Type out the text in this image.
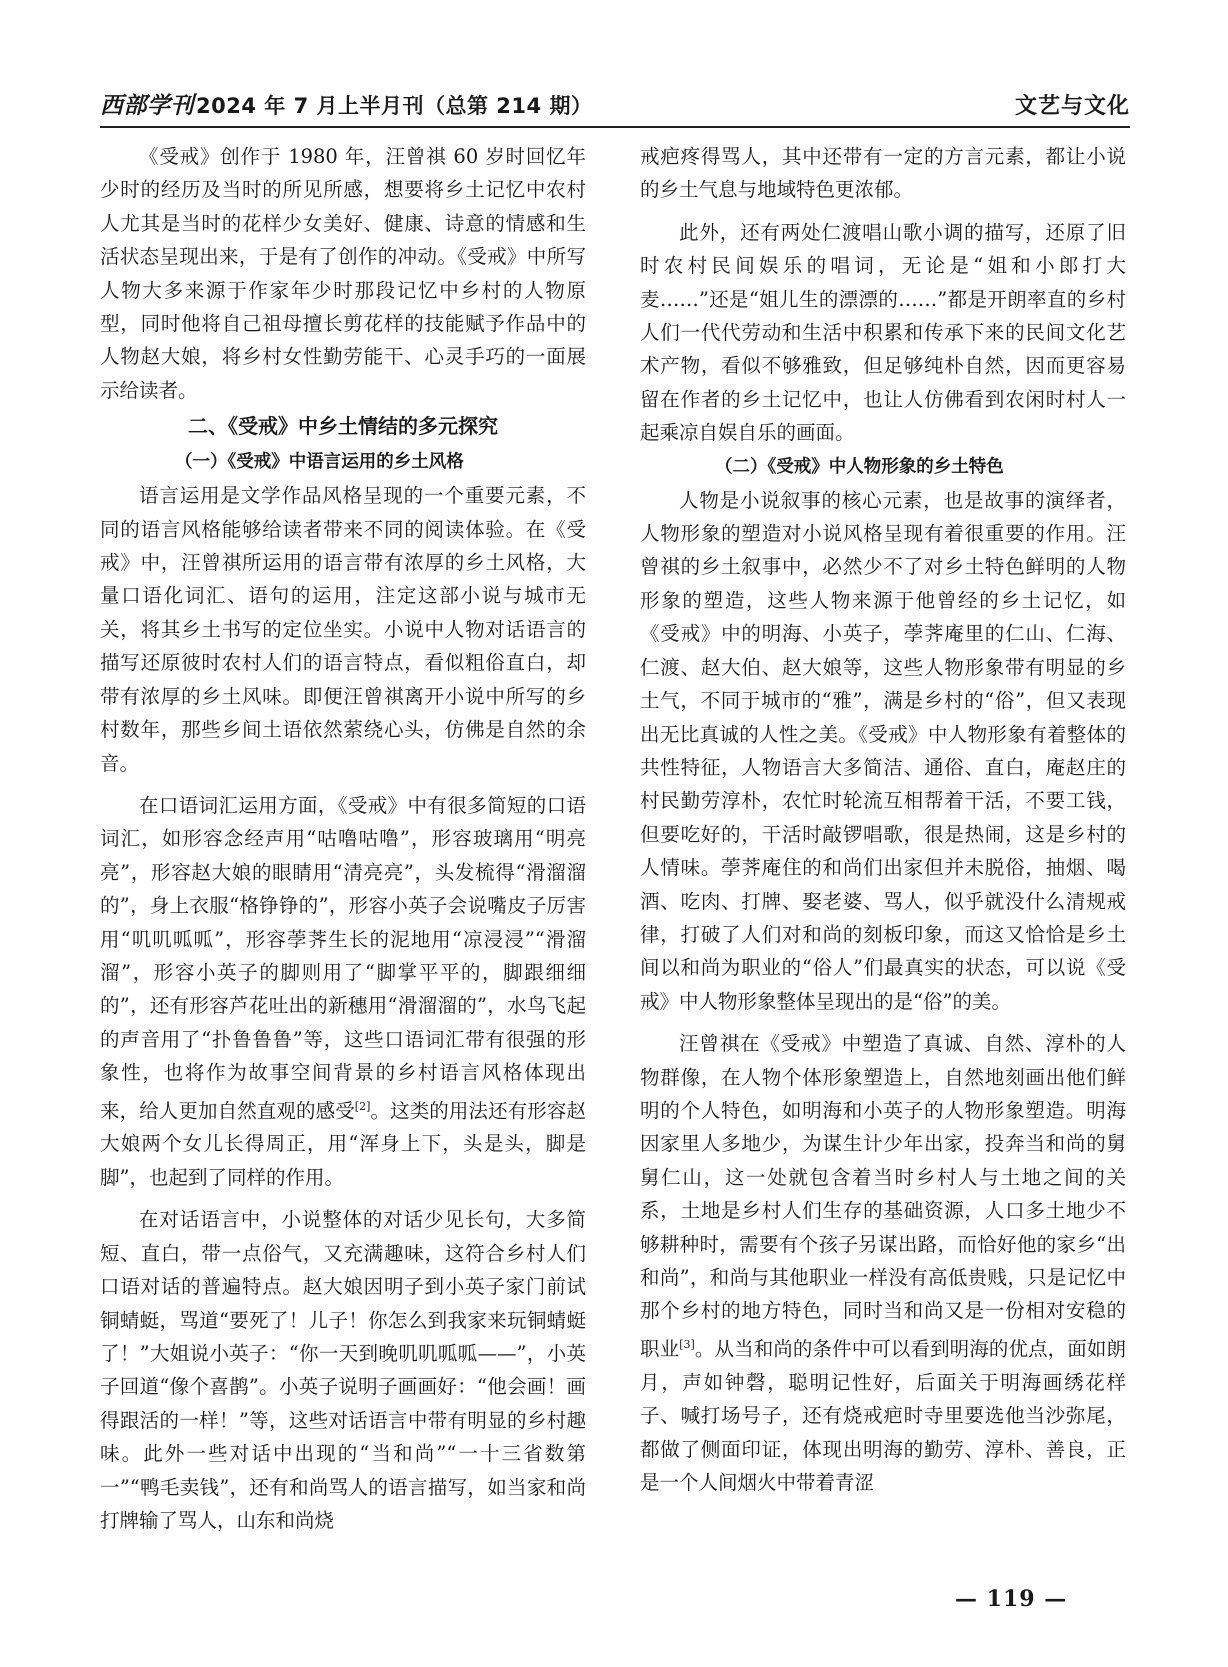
西部学刊 2024 年 7 月上半月刊（总第 214 期）	文艺与文化

《受戒》创作于 1980 年，汪曾祺 60 岁时回忆年少时的经历及当时的所见所感，想要将乡土记忆中农村人尤其是当时的花样少女美好、健康、诗意的情感和生活状态呈现出来，于是有了创作的冲动。《受戒》中所写人物大多来源于作家年少时那段记忆中乡村的人物原型，同时他将自己祖母擅长剪花样的技能赋予作品中的人物赵大娘，将乡村女性勤劳能干、心灵手巧的一面展示给读者。

二、《受戒》中乡土情结的多元探究

（一）《受戒》中语言运用的乡土风格

语言运用是文学作品风格呈现的一个重要元素，不同的语言风格能够给读者带来不同的阅读体验。在《受戒》中，汪曾祺所运用的语言带有浓厚的乡土风格，大量口语化词汇、语句的运用，注定这部小说与城市无关，将其乡土书写的定位坐实。小说中人物对话语言的描写还原彼时农村人们的语言特点，看似粗俗直白，却带有浓厚的乡土风味。即便汪曾祺离开小说中所写的乡村数年，那些乡间土语依然萦绕心头，仿佛是自然的余音。

在口语词汇运用方面，《受戒》中有很多简短的口语词汇，如形容念经声用“咕噜咕噜”，形容玻璃用“明亮亮”，形容赵大娘的眼睛用“清亮亮”，头发梳得“滑溜溜的”，身上衣服“格铮铮的”，形容小英子会说嘴皮子厉害用“叽叽呱呱”，形容荸荠生长的泥地用“凉浸浸”“滑溜溜”，形容小英子的脚则用了“脚掌平平的，脚跟细细的”，还有形容芦花吐出的新穗用“滑溜溜的”，水鸟飞起的声音用了“扑鲁鲁鲁”等，这些口语词汇带有很强的形象性，也将作为故事空间背景的乡村语言风格体现出来，给人更加自然直观的感受[2]。这类的用法还有形容赵大娘两个女儿长得周正，用“浑身上下，头是头，脚是脚”，也起到了同样的作用。

在对话语言中，小说整体的对话少见长句，大多简短、直白，带一点俗气，又充满趣味，这符合乡村人们口语对话的普遍特点。赵大娘因明子到小英子家门前试铜蜻蜓，骂道“要死了！儿子！你怎么到我家来玩铜蜻蜓了！”大姐说小英子：“你一天到晚叽叽呱呱——”，小英子回道“像个喜鹊”。小英子说明子画画好：“他会画！画得跟活的一样！”等，这些对话语言中带有明显的乡村趣味。此外一些对话中出现的“当和尚”“一十三省数第一”“鸭毛卖钱”，还有和尚骂人的语言描写，如当家和尚打牌输了骂人，山东和尚烧

戒疤疼得骂人，其中还带有一定的方言元素，都让小说的乡土气息与地域特色更浓郁。

此外，还有两处仁渡唱山歌小调的描写，还原了旧时农村民间娱乐的唱词，无论是“姐和小郎打大麦……”还是“姐儿生的漂漂的……”都是开朗率直的乡村人们一代代劳动和生活中积累和传承下来的民间文化艺术产物，看似不够雅致，但足够纯朴自然，因而更容易留在作者的乡土记忆中，也让人仿佛看到农闲时村人一起乘凉自娱自乐的画面。

（二）《受戒》中人物形象的乡土特色

人物是小说叙事的核心元素，也是故事的演绎者，人物形象的塑造对小说风格呈现有着很重要的作用。汪曾祺的乡土叙事中，必然少不了对乡土特色鲜明的人物形象的塑造，这些人物来源于他曾经的乡土记忆，如《受戒》中的明海、小英子，荸荠庵里的仁山、仁海、仁渡、赵大伯、赵大娘等，这些人物形象带有明显的乡土气，不同于城市的“雅”，满是乡村的“俗”，但又表现出无比真诚的人性之美。《受戒》中人物形象有着整体的共性特征，人物语言大多简洁、通俗、直白，庵赵庄的村民勤劳淳朴，农忙时轮流互相帮着干活，不要工钱，但要吃好的，干活时敲锣唱歌，很是热闹，这是乡村的人情味。荸荠庵住的和尚们出家但并未脱俗，抽烟、喝酒、吃肉、打牌、娶老婆、骂人，似乎就没什么清规戒律，打破了人们对和尚的刻板印象，而这又恰恰是乡土间以和尚为职业的“俗人”们最真实的状态，可以说《受戒》中人物形象整体呈现出的是“俗”的美。

汪曾祺在《受戒》中塑造了真诚、自然、淳朴的人物群像，在人物个体形象塑造上，自然地刻画出他们鲜明的个人特色，如明海和小英子的人物形象塑造。明海因家里人多地少，为谋生计少年出家，投奔当和尚的舅舅仁山，这一处就包含着当时乡村人与土地之间的关系，土地是乡村人们生存的基础资源，人口多土地少不够耕种时，需要有个孩子另谋出路，而恰好他的家乡“出和尚”，和尚与其他职业一样没有高低贵贱，只是记忆中那个乡村的地方特色，同时当和尚又是一份相对安稳的职业[3]。从当和尚的条件中可以看到明海的优点，面如朗月，声如钟磬，聪明记性好，后面关于明海画绣花样子、喊打场号子，还有烧戒疤时寺里要选他当沙弥尾，都做了侧面印证，体现出明海的勤劳、淳朴、善良，正是一个人间烟火中带着青涩

— 119 —
